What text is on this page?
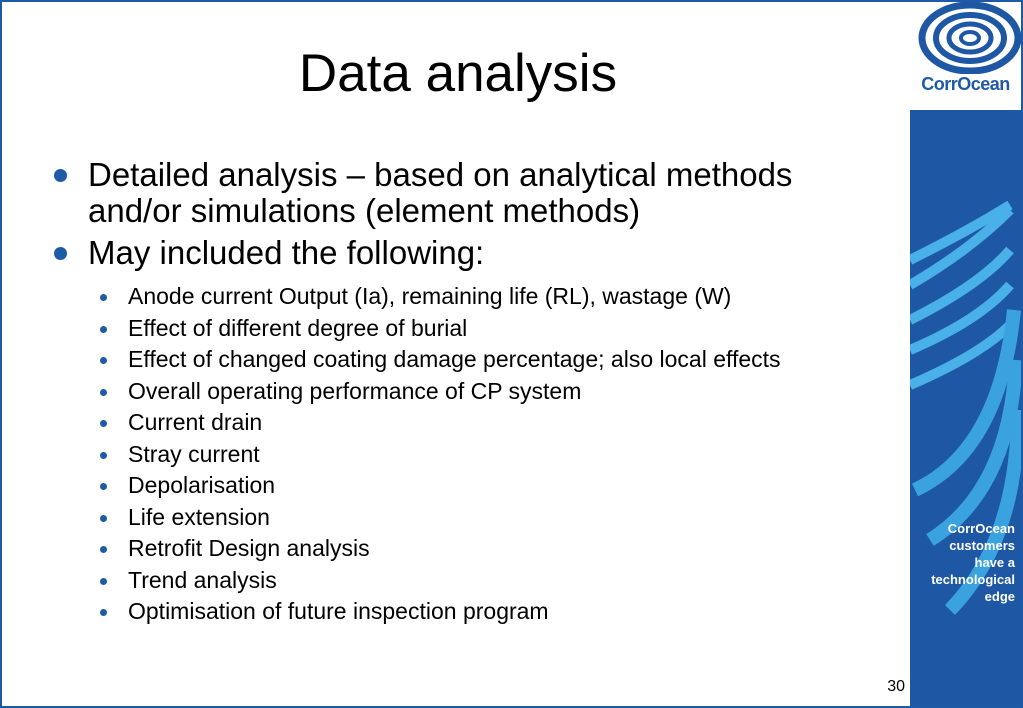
Data analysis
Detailed analysis – based on analytical methods and/or simulations (element methods)
May included the following:
Anode current Output (Ia), remaining life (RL), wastage (W)
Effect of different degree of burial
Effect of changed coating damage percentage; also local effects
Overall operating performance of CP system
Current drain
Stray current
Depolarisation
Life extension
Retrofit Design analysis
Trend analysis
Optimisation of future inspection program
30
CorrOcean
CorrOcean
customers
have a
technological
edge
